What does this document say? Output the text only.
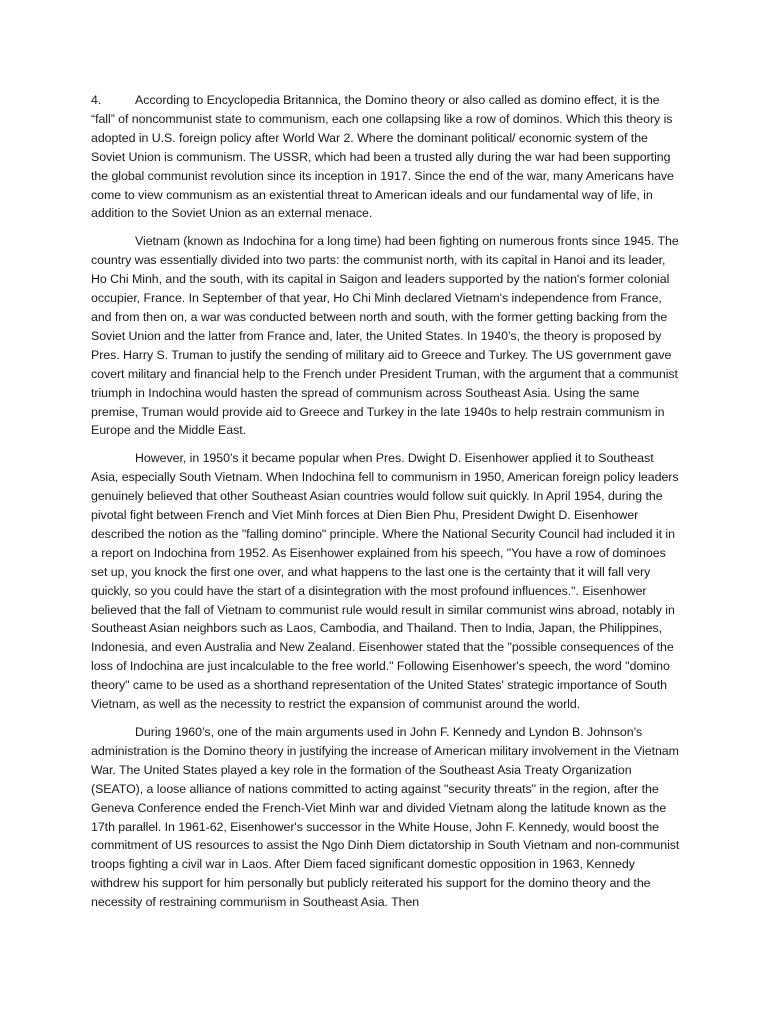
4.	According to Encyclopedia Britannica, the Domino theory or also called as domino effect, it is the “fall” of noncommunist state to communism, each one collapsing like a row of dominos. Which this theory is adopted in U.S. foreign policy after World War 2. Where the dominant political/ economic system of the Soviet Union is communism. The USSR, which had been a trusted ally during the war had been supporting the global communist revolution since its inception in 1917. Since the end of the war, many Americans have come to view communism as an existential threat to American ideals and our fundamental way of life, in addition to the Soviet Union as an external menace.

Vietnam (known as Indochina for a long time) had been fighting on numerous fronts since 1945. The country was essentially divided into two parts: the communist north, with its capital in Hanoi and its leader, Ho Chi Minh, and the south, with its capital in Saigon and leaders supported by the nation's former colonial occupier, France. In September of that year, Ho Chi Minh declared Vietnam's independence from France, and from then on, a war was conducted between north and south, with the former getting backing from the Soviet Union and the latter from France and, later, the United States. In 1940’s, the theory is proposed by Pres. Harry S. Truman to justify the sending of military aid to Greece and Turkey. The US government gave covert military and financial help to the French under President Truman, with the argument that a communist triumph in Indochina would hasten the spread of communism across Southeast Asia. Using the same premise, Truman would provide aid to Greece and Turkey in the late 1940s to help restrain communism in Europe and the Middle East.

However, in 1950’s it became popular when Pres. Dwight D. Eisenhower applied it to Southeast Asia, especially South Vietnam. When Indochina fell to communism in 1950, American foreign policy leaders genuinely believed that other Southeast Asian countries would follow suit quickly. In April 1954, during the pivotal fight between French and Viet Minh forces at Dien Bien Phu, President Dwight D. Eisenhower described the notion as the "falling domino" principle. Where the National Security Council had included it in a report on Indochina from 1952. As Eisenhower explained from his speech, "You have a row of dominoes set up, you knock the first one over, and what happens to the last one is the certainty that it will fall very quickly, so you could have the start of a disintegration with the most profound influences.". Eisenhower believed that the fall of Vietnam to communist rule would result in similar communist wins abroad, notably in Southeast Asian neighbors such as Laos, Cambodia, and Thailand. Then to India, Japan, the Philippines, Indonesia, and even Australia and New Zealand. Eisenhower stated that the "possible consequences of the loss of Indochina are just incalculable to the free world." Following Eisenhower's speech, the word "domino theory" came to be used as a shorthand representation of the United States' strategic importance of South Vietnam, as well as the necessity to restrict the expansion of communist around the world.

During 1960’s, one of the main arguments used in John F. Kennedy and Lyndon B. Johnson’s administration is the Domino theory in justifying the increase of American military involvement in the Vietnam War. The United States played a key role in the formation of the Southeast Asia Treaty Organization (SEATO), a loose alliance of nations committed to acting against "security threats" in the region, after the Geneva Conference ended the French-Viet Minh war and divided Vietnam along the latitude known as the 17th parallel. In 1961-62, Eisenhower's successor in the White House, John F. Kennedy, would boost the commitment of US resources to assist the Ngo Dinh Diem dictatorship in South Vietnam and non-communist troops fighting a civil war in Laos. After Diem faced significant domestic opposition in 1963, Kennedy withdrew his support for him personally but publicly reiterated his support for the domino theory and the necessity of restraining communism in Southeast Asia. Then
